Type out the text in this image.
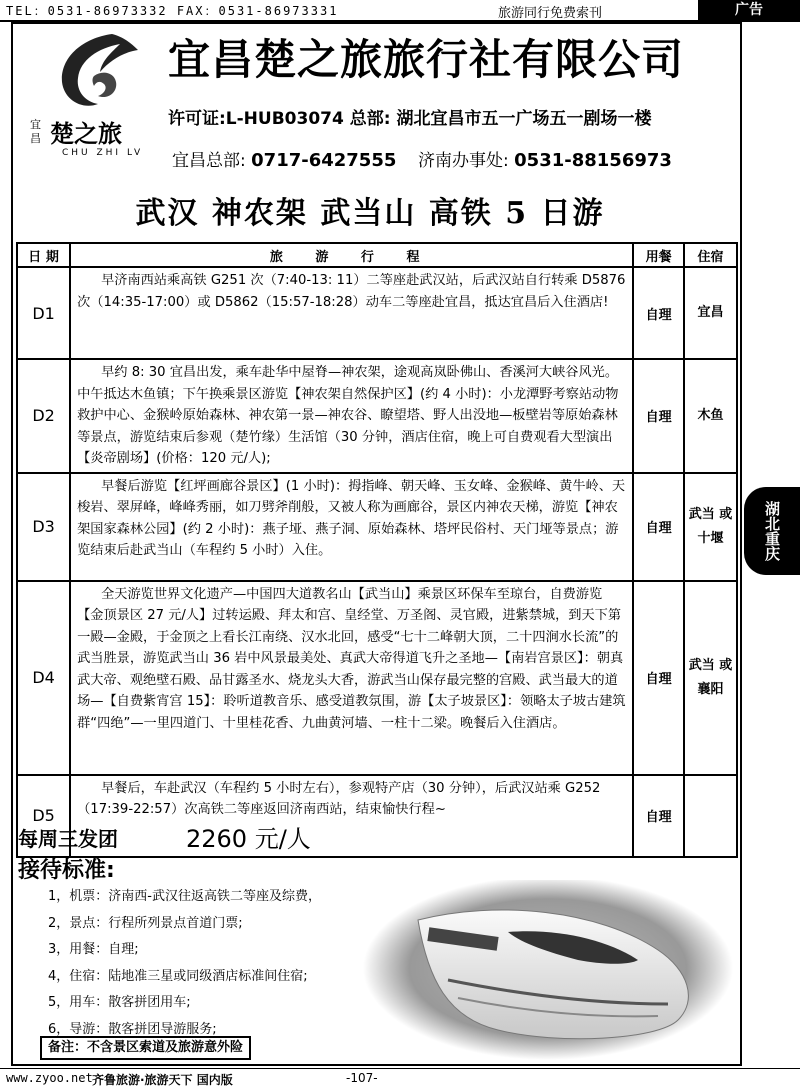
TEL：0531-86973332 FAX：0531-86973331	旅游同行免费索刊	广告
宜昌 楚之旅
CHU ZHI LV
宜昌楚之旅旅行社有限公司
许可证:L-HUB03074 总部: 湖北宜昌市五一广场五一剧场一楼
宜昌总部: 0717-6427555 济南办事处: 0531-88156973
武汉 神农架 武当山 高铁 5 日游
日 期	旅 游 行 程	用餐	住宿
D1	早济南西站乘高铁 G251 次（7:40-13: 11）二等座赴武汉站，后武汉站自行转乘 D5876 次（14:35-17:00）或 D5862（15:57-18:28）动车二等座赴宜昌，抵达宜昌后入住酒店!	自理	宜昌
D2	早约 8: 30 宜昌出发，乘车赴华中屋脊—神农架，途观高岚卧佛山、香溪河大峡谷风光。中午抵达木鱼镇；下午换乘景区游览【神农架自然保护区】(约 4 小时)：小龙潭野考察站动物救护中心、金猴岭原始森林、神农第一景—神农谷、瞭望塔、野人出没地—板壁岩等原始森林等景点，游览结束后参观（楚竹缘）生活馆（30 分钟，酒店住宿，晚上可自费观看大型演出【炎帝剧场】(价格：120 元/人);	自理	木鱼
D3	早餐后游览【红坪画廊谷景区】(1 小时)：拇指峰、朝天峰、玉女峰、金猴峰、黄牛岭、天梭岩、翠屏峰，峰峰秀丽，如刀劈斧削般，又被人称为画廊谷，景区内神农天梯，游览【神农架国家森林公园】(约 2 小时)：燕子垭、燕子洞、原始森林、塔坪民俗村、天门垭等景点；游览结束后赴武当山（车程约 5 小时）入住。	自理	武当 或 十堰
D4	全天游览世界文化遗产—中国四大道教名山【武当山】乘景区环保车至琼台，自费游览【金顶景区 27 元/人】过转运殿、拜太和宫、皇经堂、万圣阁、灵官殿，进紫禁城，到天下第一殿—金殿，于金顶之上看长江南绕、汉水北回，感受“七十二峰朝大顶，二十四涧水长流”的武当胜景，游览武当山 36 岩中风景最美处、真武大帝得道飞升之圣地—【南岩宫景区】：朝真武大帝、观绝壁石殿、品甘露圣水、烧龙头大香，游武当山保存最完整的宫殿、武当最大的道场—【自费紫宵宫 15】：聆听道教音乐、感受道教氛围，游【太子坡景区】：领略太子坡古建筑群“四绝”—一里四道门、十里桂花香、九曲黄河墙、一柱十二梁。晚餐后入住酒店。	自理	武当 或 襄阳
D5	早餐后，车赴武汉（车程约 5 小时左右），参观特产店（30 分钟），后武汉站乘 G252（17:39-22:57）次高铁二等座返回济南西站，结束愉快行程~	自理	
湖北重庆
每周三发团	2260 元/人
接待标准:
1，机票：济南西-武汉往返高铁二等座及综费，
2，景点：行程所列景点首道门票;
3，用餐：自理;
4，住宿：陆地准三星或同级酒店标准间住宿;
5，用车：散客拼团用车;
6，导游：散客拼团导游服务;
备注：不含景区索道及旅游意外险
www.zyoo.net 齐鲁旅游·旅游天下 国内版	-107-
